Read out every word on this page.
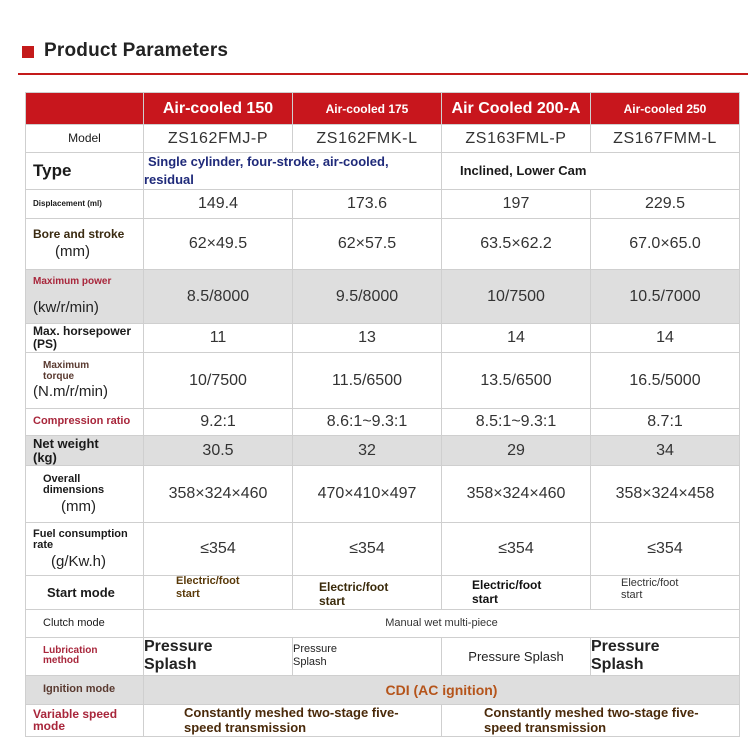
Product Parameters
	Air-cooled 150	Air-cooled 175	Air Cooled 200-A	Air-cooled 250
Model	ZS162FMJ-P	ZS162FMK-L	ZS163FML-P	ZS167FMM-L
Type	Single cylinder, four-stroke, air-cooled, residual		Inclined, Lower Cam	

Displacement (ml)	149.4	173.6	197	229.5

Bore and stroke
(mm)	62×49.5	62×57.5	63.5×62.2	67.0×65.0

Maximum power
(kw/r/min)	8.5/8000	9.5/8000	10/7500	10.5/7000

Max. horsepower (PS)	11	13	14	14

Maximum torque
(N.m/r/min)	10/7500	11.5/6500	13.5/6500	16.5/5000

Compression ratio	9.2:1	8.6:1~9.3:1	8.5:1~9.3:1	8.7:1

Net weight (kg)	30.5	32	29	34

Overall dimensions
(mm)	358×324×460	470×410×497	358×324×460	358×324×458

Fuel consumption rate
(g/Kw.h)	≤354	≤354	≤354	≤354

Start mode	Electric/foot start	Electric/foot start	Electric/foot start	Electric/foot start

Clutch mode	Manual wet multi-piece			

Lubrication method	Pressure Splash	Pressure Splash	Pressure Splash	Pressure Splash

Ignition mode	CDI (AC ignition)			

Variable speed mode	Constantly meshed two-stage five-speed transmission		Constantly meshed two-stage five-speed transmission	
